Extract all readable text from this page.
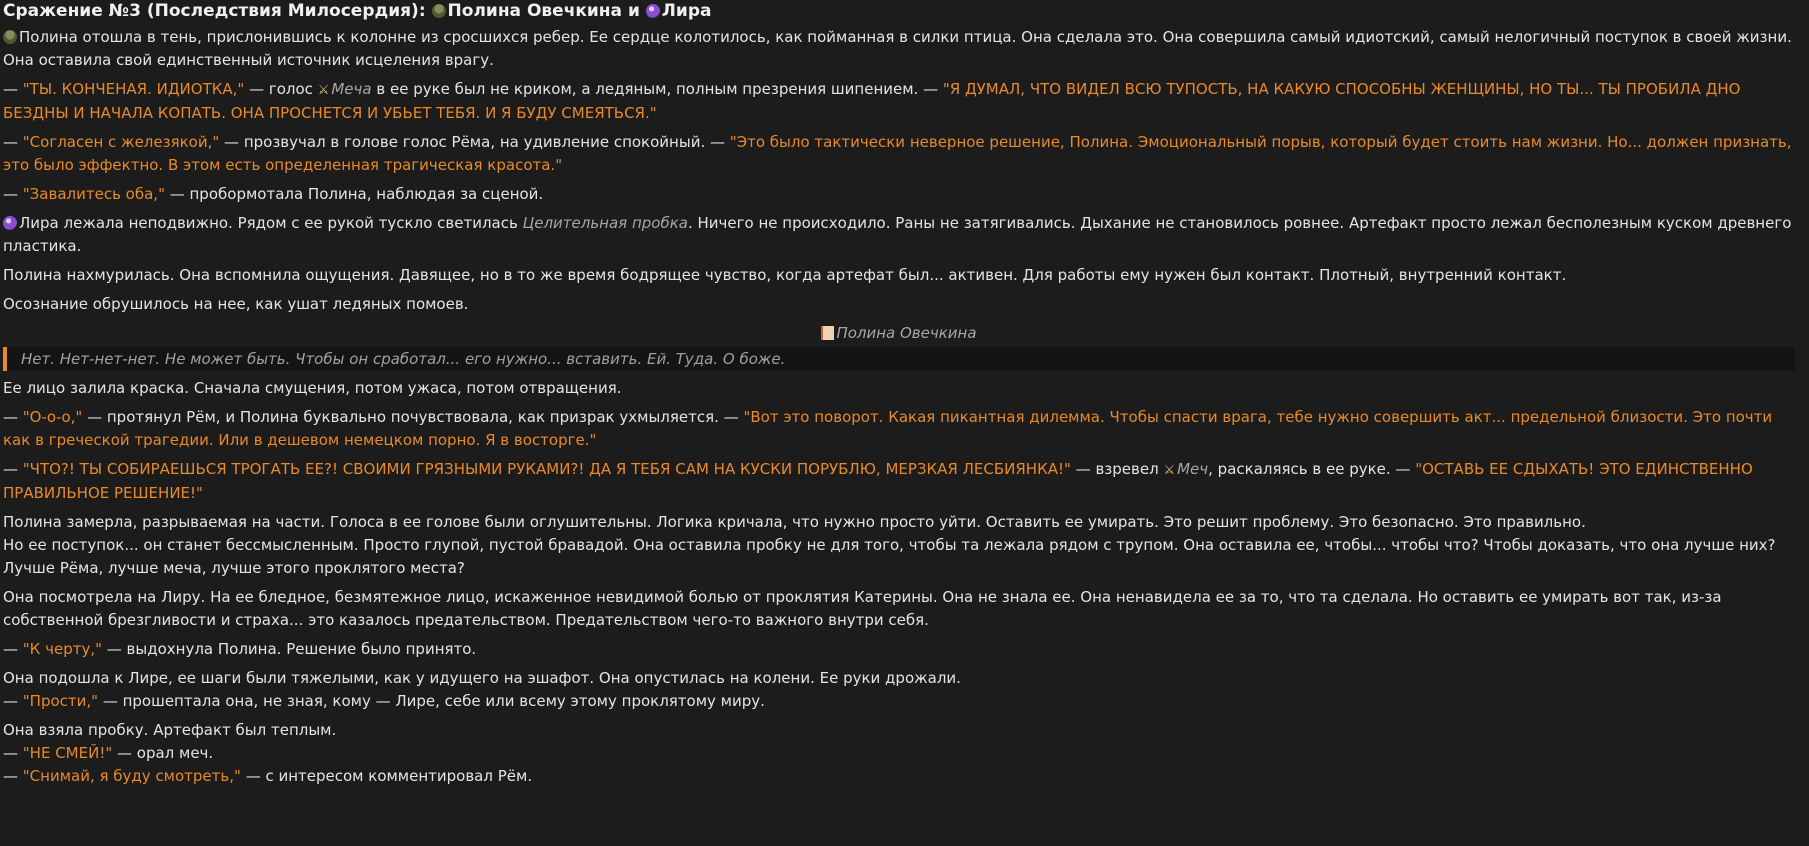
Сражение №3 (Последствия Милосердия): Полина Овечкина и Лира

Полина отошла в тень, прислонившись к колонне из сросшихся ребер. Ее сердце колотилось, как пойманная в силки птица. Она сделала это. Она совершила самый идиотский, самый нелогичный поступок в своей жизни. Она оставила свой единственный источник исцеления врагу.

— "ТЫ. КОНЧЕНАЯ. ИДИОТКА," — голос ⚔ Меча в ее руке был не криком, а ледяным, полным презрения шипением. — "Я ДУМАЛ, ЧТО ВИДЕЛ ВСЮ ТУПОСТЬ, НА КАКУЮ СПОСОБНЫ ЖЕНЩИНЫ, НО ТЫ... ТЫ ПРОБИЛА ДНО БЕЗДНЫ И НАЧАЛА КОПАТЬ. ОНА ПРОСНЕТСЯ И УБЬЕТ ТЕБЯ. И Я БУДУ СМЕЯТЬСЯ."

— "Согласен с железякой," — прозвучал в голове голос Рёма, на удивление спокойный. — "Это было тактически неверное решение, Полина. Эмоциональный порыв, который будет стоить нам жизни. Но... должен признать, это было эффектно. В этом есть определенная трагическая красота."

— "Завалитесь оба," — пробормотала Полина, наблюдая за сценой.

Лира лежала неподвижно. Рядом с ее рукой тускло светилась Целительная пробка. Ничего не происходило. Раны не затягивались. Дыхание не становилось ровнее. Артефакт просто лежал бесполезным куском древнего пластика.

Полина нахмурилась. Она вспомнила ощущения. Давящее, но в то же время бодрящее чувство, когда артефат был... активен. Для работы ему нужен был контакт. Плотный, внутренний контакт.

Осознание обрушилось на нее, как ушат ледяных помоев.

Полина Овечкина
Нет. Нет-нет-нет. Не может быть. Чтобы он сработал... его нужно... вставить. Ей. Туда. О боже.

Ее лицо залила краска. Сначала смущения, потом ужаса, потом отвращения.

— "О-о-о," — протянул Рём, и Полина буквально почувствовала, как призрак ухмыляется. — "Вот это поворот. Какая пикантная дилемма. Чтобы спасти врага, тебе нужно совершить акт... предельной близости. Это почти как в греческой трагедии. Или в дешевом немецком порно. Я в восторге."

— "ЧТО?! ТЫ СОБИРАЕШЬСЯ ТРОГАТЬ ЕЕ?! СВОИМИ ГРЯЗНЫМИ РУКАМИ?! ДА Я ТЕБЯ САМ НА КУСКИ ПОРУБЛЮ, МЕРЗКАЯ ЛЕСБИЯНКА!" — взревел ⚔ Меч, раскаляясь в ее руке. — "ОСТАВЬ ЕЕ СДЫХАТЬ! ЭТО ЕДИНСТВЕННО ПРАВИЛЬНОЕ РЕШЕНИЕ!"

Полина замерла, разрываемая на части. Голоса в ее голове были оглушительны. Логика кричала, что нужно просто уйти. Оставить ее умирать. Это решит проблему. Это безопасно. Это правильно.

Но ее поступок... он станет бессмысленным. Просто глупой, пустой бравадой. Она оставила пробку не для того, чтобы та лежала рядом с трупом. Она оставила ее, чтобы... чтобы что? Чтобы доказать, что она лучше них? Лучше Рёма, лучше меча, лучше этого проклятого места?

Она посмотрела на Лиру. На ее бледное, безмятежное лицо, искаженное невидимой болью от проклятия Катерины. Она не знала ее. Она ненавидела ее за то, что та сделала. Но оставить ее умирать вот так, из-за собственной брезгливости и страха... это казалось предательством. Предательством чего-то важного внутри себя.

— "К черту," — выдохнула Полина. Решение было принято.

Она подошла к Лире, ее шаги были тяжелыми, как у идущего на эшафот. Она опустилась на колени. Ее руки дрожали.

— "Прости," — прошептала она, не зная, кому — Лире, себе или всему этому проклятому миру.

Она взяла пробку. Артефакт был теплым.

— "НЕ СМЕЙ!" — орал меч.

— "Снимай, я буду смотреть," — с интересом комментировал Рём.
